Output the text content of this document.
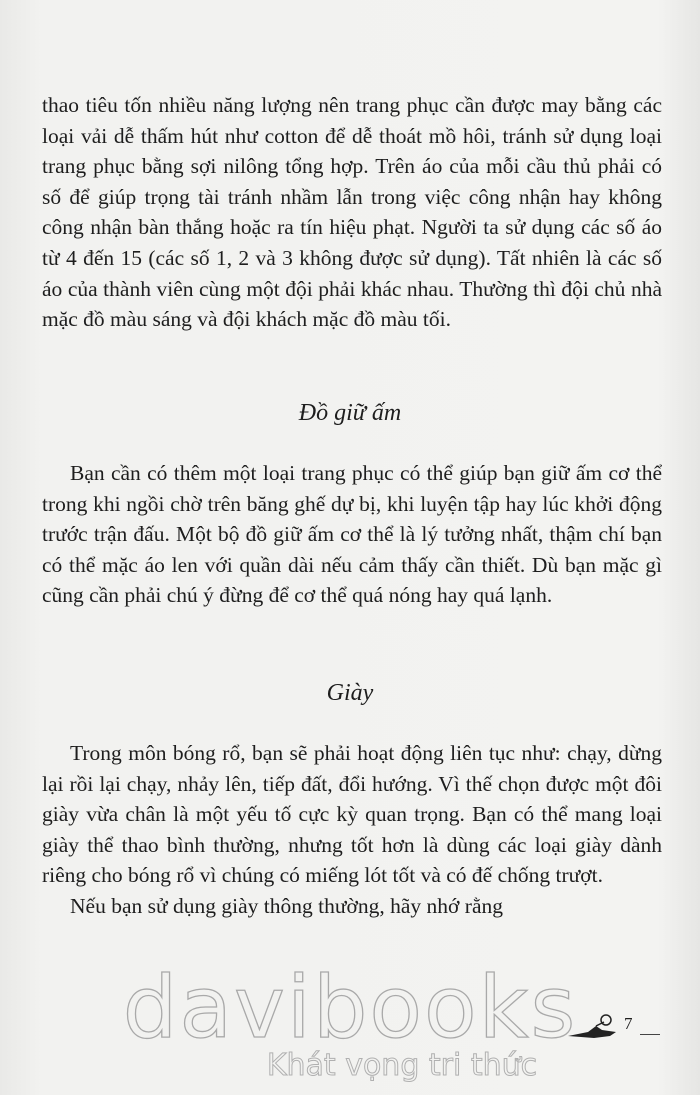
thao tiêu tốn nhiều năng lượng nên trang phục cần được may bằng các loại vải dễ thấm hút như cotton để dễ thoát mồ hôi, tránh sử dụng loại trang phục bằng sợi nilông tổng hợp. Trên áo của mỗi cầu thủ phải có số để giúp trọng tài tránh nhầm lẫn trong việc công nhận hay không công nhận bàn thắng hoặc ra tín hiệu phạt. Người ta sử dụng các số áo từ 4 đến 15 (các số 1, 2 và 3 không được sử dụng). Tất nhiên là các số áo của thành viên cùng một đội phải khác nhau. Thường thì đội chủ nhà mặc đồ màu sáng và đội khách mặc đồ màu tối.

Đồ giữ ấm

Bạn cần có thêm một loại trang phục có thể giúp bạn giữ ấm cơ thể trong khi ngồi chờ trên băng ghế dự bị, khi luyện tập hay lúc khởi động trước trận đấu. Một bộ đồ giữ ấm cơ thể là lý tưởng nhất, thậm chí bạn có thể mặc áo len với quần dài nếu cảm thấy cần thiết. Dù bạn mặc gì cũng cần phải chú ý đừng để cơ thể quá nóng hay quá lạnh.

Giày

Trong môn bóng rổ, bạn sẽ phải hoạt động liên tục như: chạy, dừng lại rồi lại chạy, nhảy lên, tiếp đất, đổi hướng. Vì thế chọn được một đôi giày vừa chân là một yếu tố cực kỳ quan trọng. Bạn có thể mang loại giày thể thao bình thường, nhưng tốt hơn là dùng các loại giày dành riêng cho bóng rổ vì chúng có miếng lót tốt và có đế chống trượt.

Nếu bạn sử dụng giày thông thường, hãy nhớ rằng

7
davibooks
Khát vọng tri thức
